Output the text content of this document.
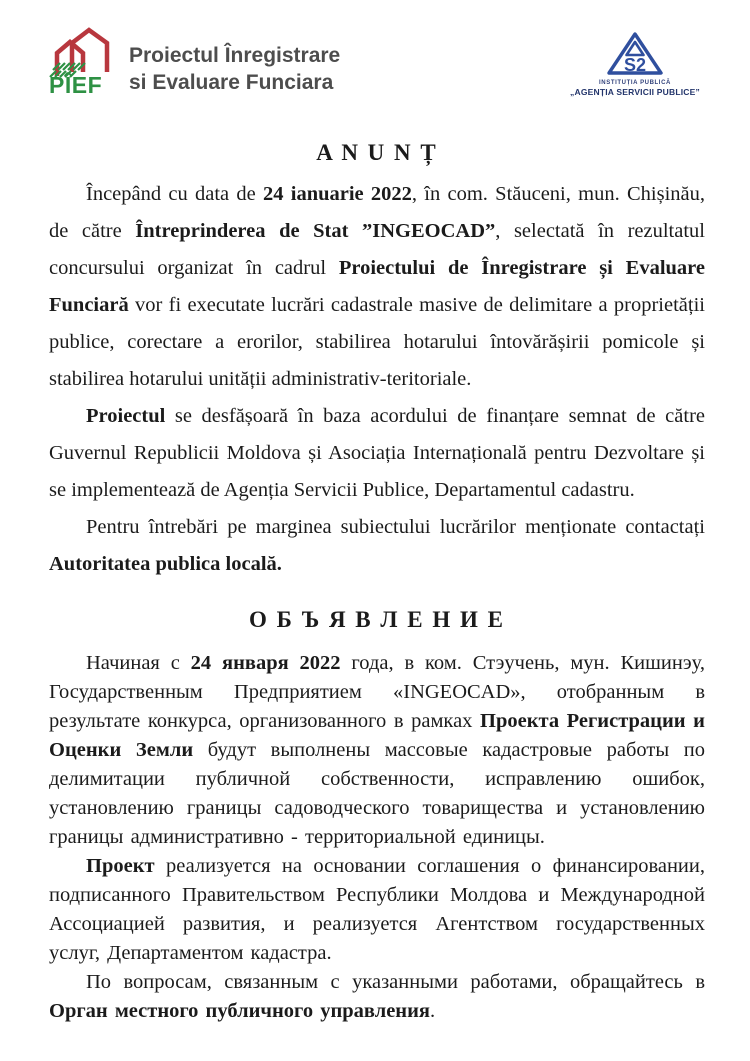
PÎEF
Proiectul Înregistrare
si Evaluare Funciara
S2
INSTITUȚIA PUBLICĂ
„AGENȚIA SERVICII PUBLICE”
A N U N Ț

Începând cu data de 24 ianuarie 2022, în com. Stăuceni, mun. Chișinău, de către Întreprinderea de Stat ”INGEOCAD”, selectată în rezultatul concursului organizat în cadrul Proiectului de Înregistrare și Evaluare Funciară vor fi executate lucrări cadastrale masive de delimitare a proprietății publice, corectare a erorilor, stabilirea hotarului întovărășirii pomicole și stabilirea hotarului unității administrativ-teritoriale.

Proiectul se desfășoară în baza acordului de finanțare semnat de către Guvernul Republicii Moldova și Asociația Internațională pentru Dezvoltare și se implementează de Agenția Servicii Publice, Departamentul cadastru.

Pentru întrebări pe marginea subiectului lucrărilor menționate contactați Autoritatea publica locală.

О Б Ъ Я В Л Е Н И Е

Начиная с 24 января 2022 года, в ком. Стэучень, мун. Кишинэу, Государственным Предприятием «INGEOCAD», отобранным в результате конкурса, организованного в рамках Проекта Регистрации и Оценки Земли будут выполнены массовые кадастровые работы по делимитации публичной собственности, исправлению ошибок, установлению границы садоводческого товарищества и установлению границы административно - территориальной единицы.

Проект реализуется на основании соглашения о финансировании, подписанного Правительством Республики Молдова и Международной Ассоциацией развития, и реализуется Агентством государственных услуг, Департаментом кадастра.

По вопросам, связанным с указанными работами, обращайтесь в Орган местного публичного управления.
